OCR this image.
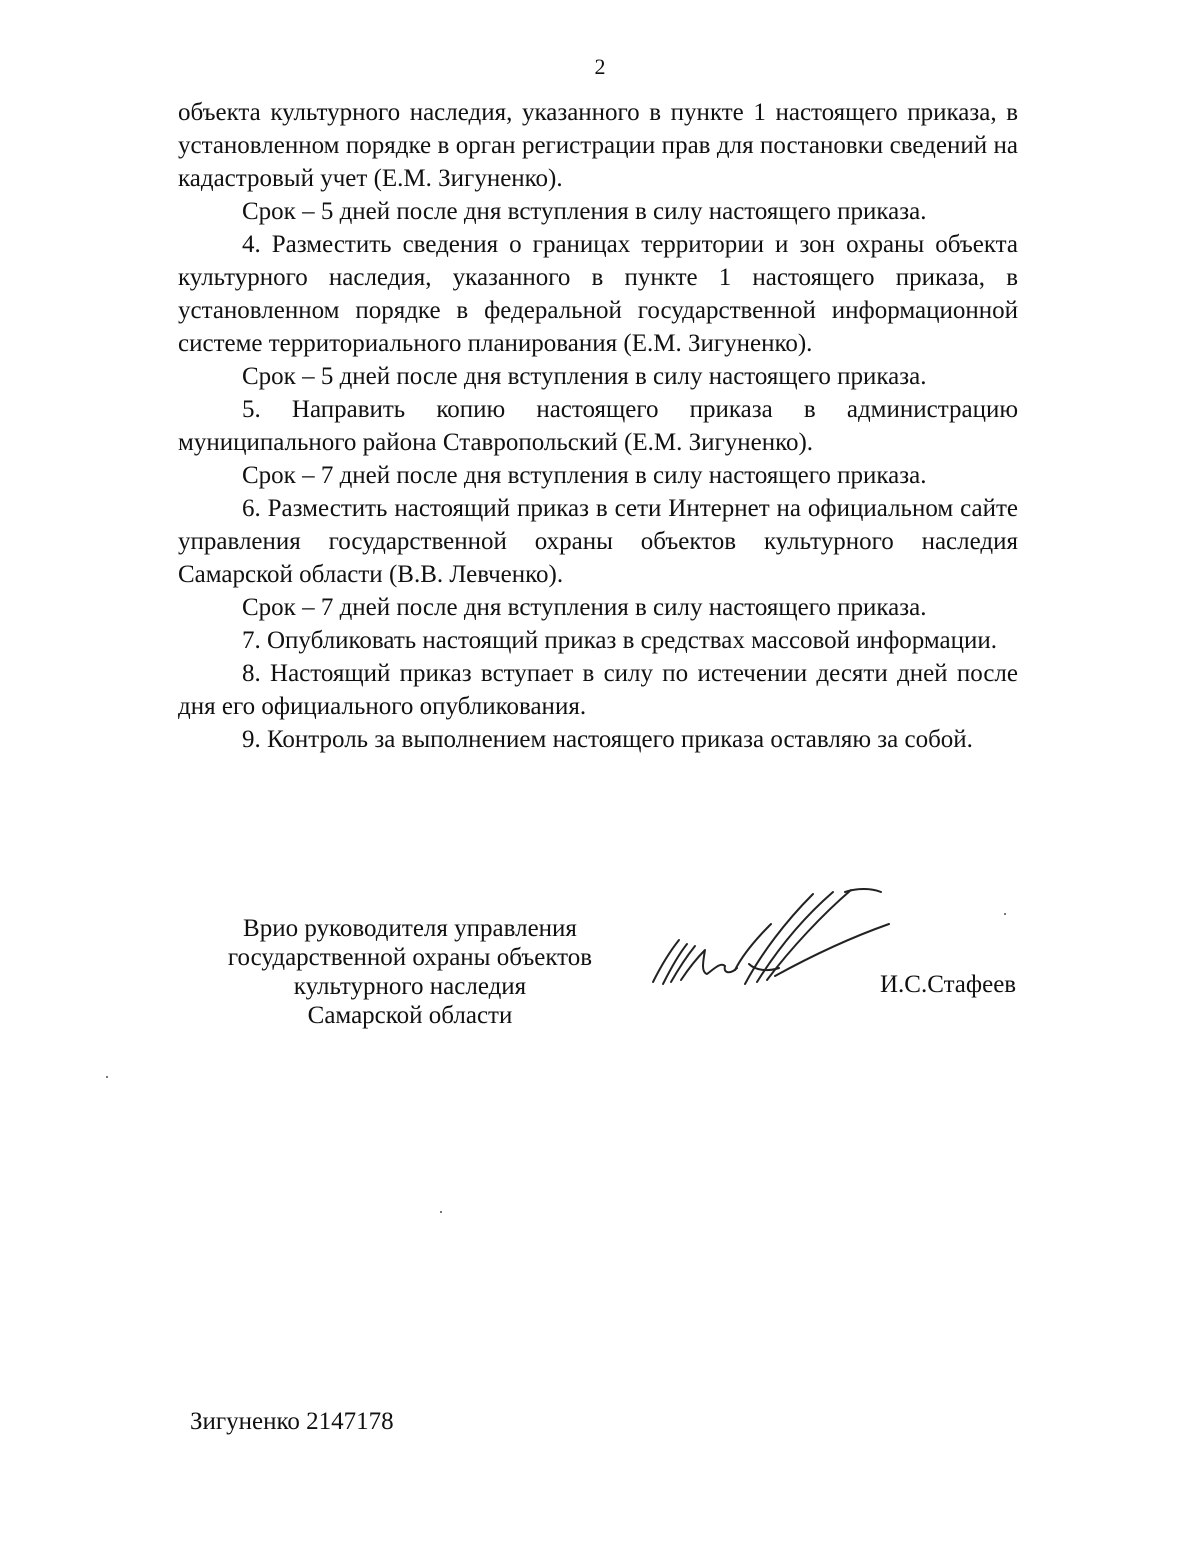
2

объекта культурного наследия, указанного в пункте 1 настоящего приказа, в установленном порядке в орган регистрации прав для постановки сведений на кадастровый учет (Е.М. Зигуненко).

Срок – 5 дней после дня вступления в силу настоящего приказа.

4. Разместить сведения о границах территории и зон охраны объекта культурного наследия, указанного в пункте 1 настоящего приказа, в установленном порядке в федеральной государственной информационной системе территориального планирования (Е.М. Зигуненко).

Срок – 5 дней после дня вступления в силу настоящего приказа.

5. Направить копию настоящего приказа в администрацию муниципального района Ставропольский (Е.М. Зигуненко).

Срок – 7 дней после дня вступления в силу настоящего приказа.

6. Разместить настоящий приказ в сети Интернет на официальном сайте управления государственной охраны объектов культурного наследия Самарской области (В.В. Левченко).

Срок – 7 дней после дня вступления в силу настоящего приказа.

7. Опубликовать настоящий приказ в средствах массовой информации.

8. Настоящий приказ вступает в силу по истечении десяти дней после дня его официального опубликования.

9. Контроль за выполнением настоящего приказа оставляю за собой.

Врио руководителя управления
государственной охраны объектов
культурного наследия
Самарской области
И.С.Стафеев
Зигуненко 2147178
